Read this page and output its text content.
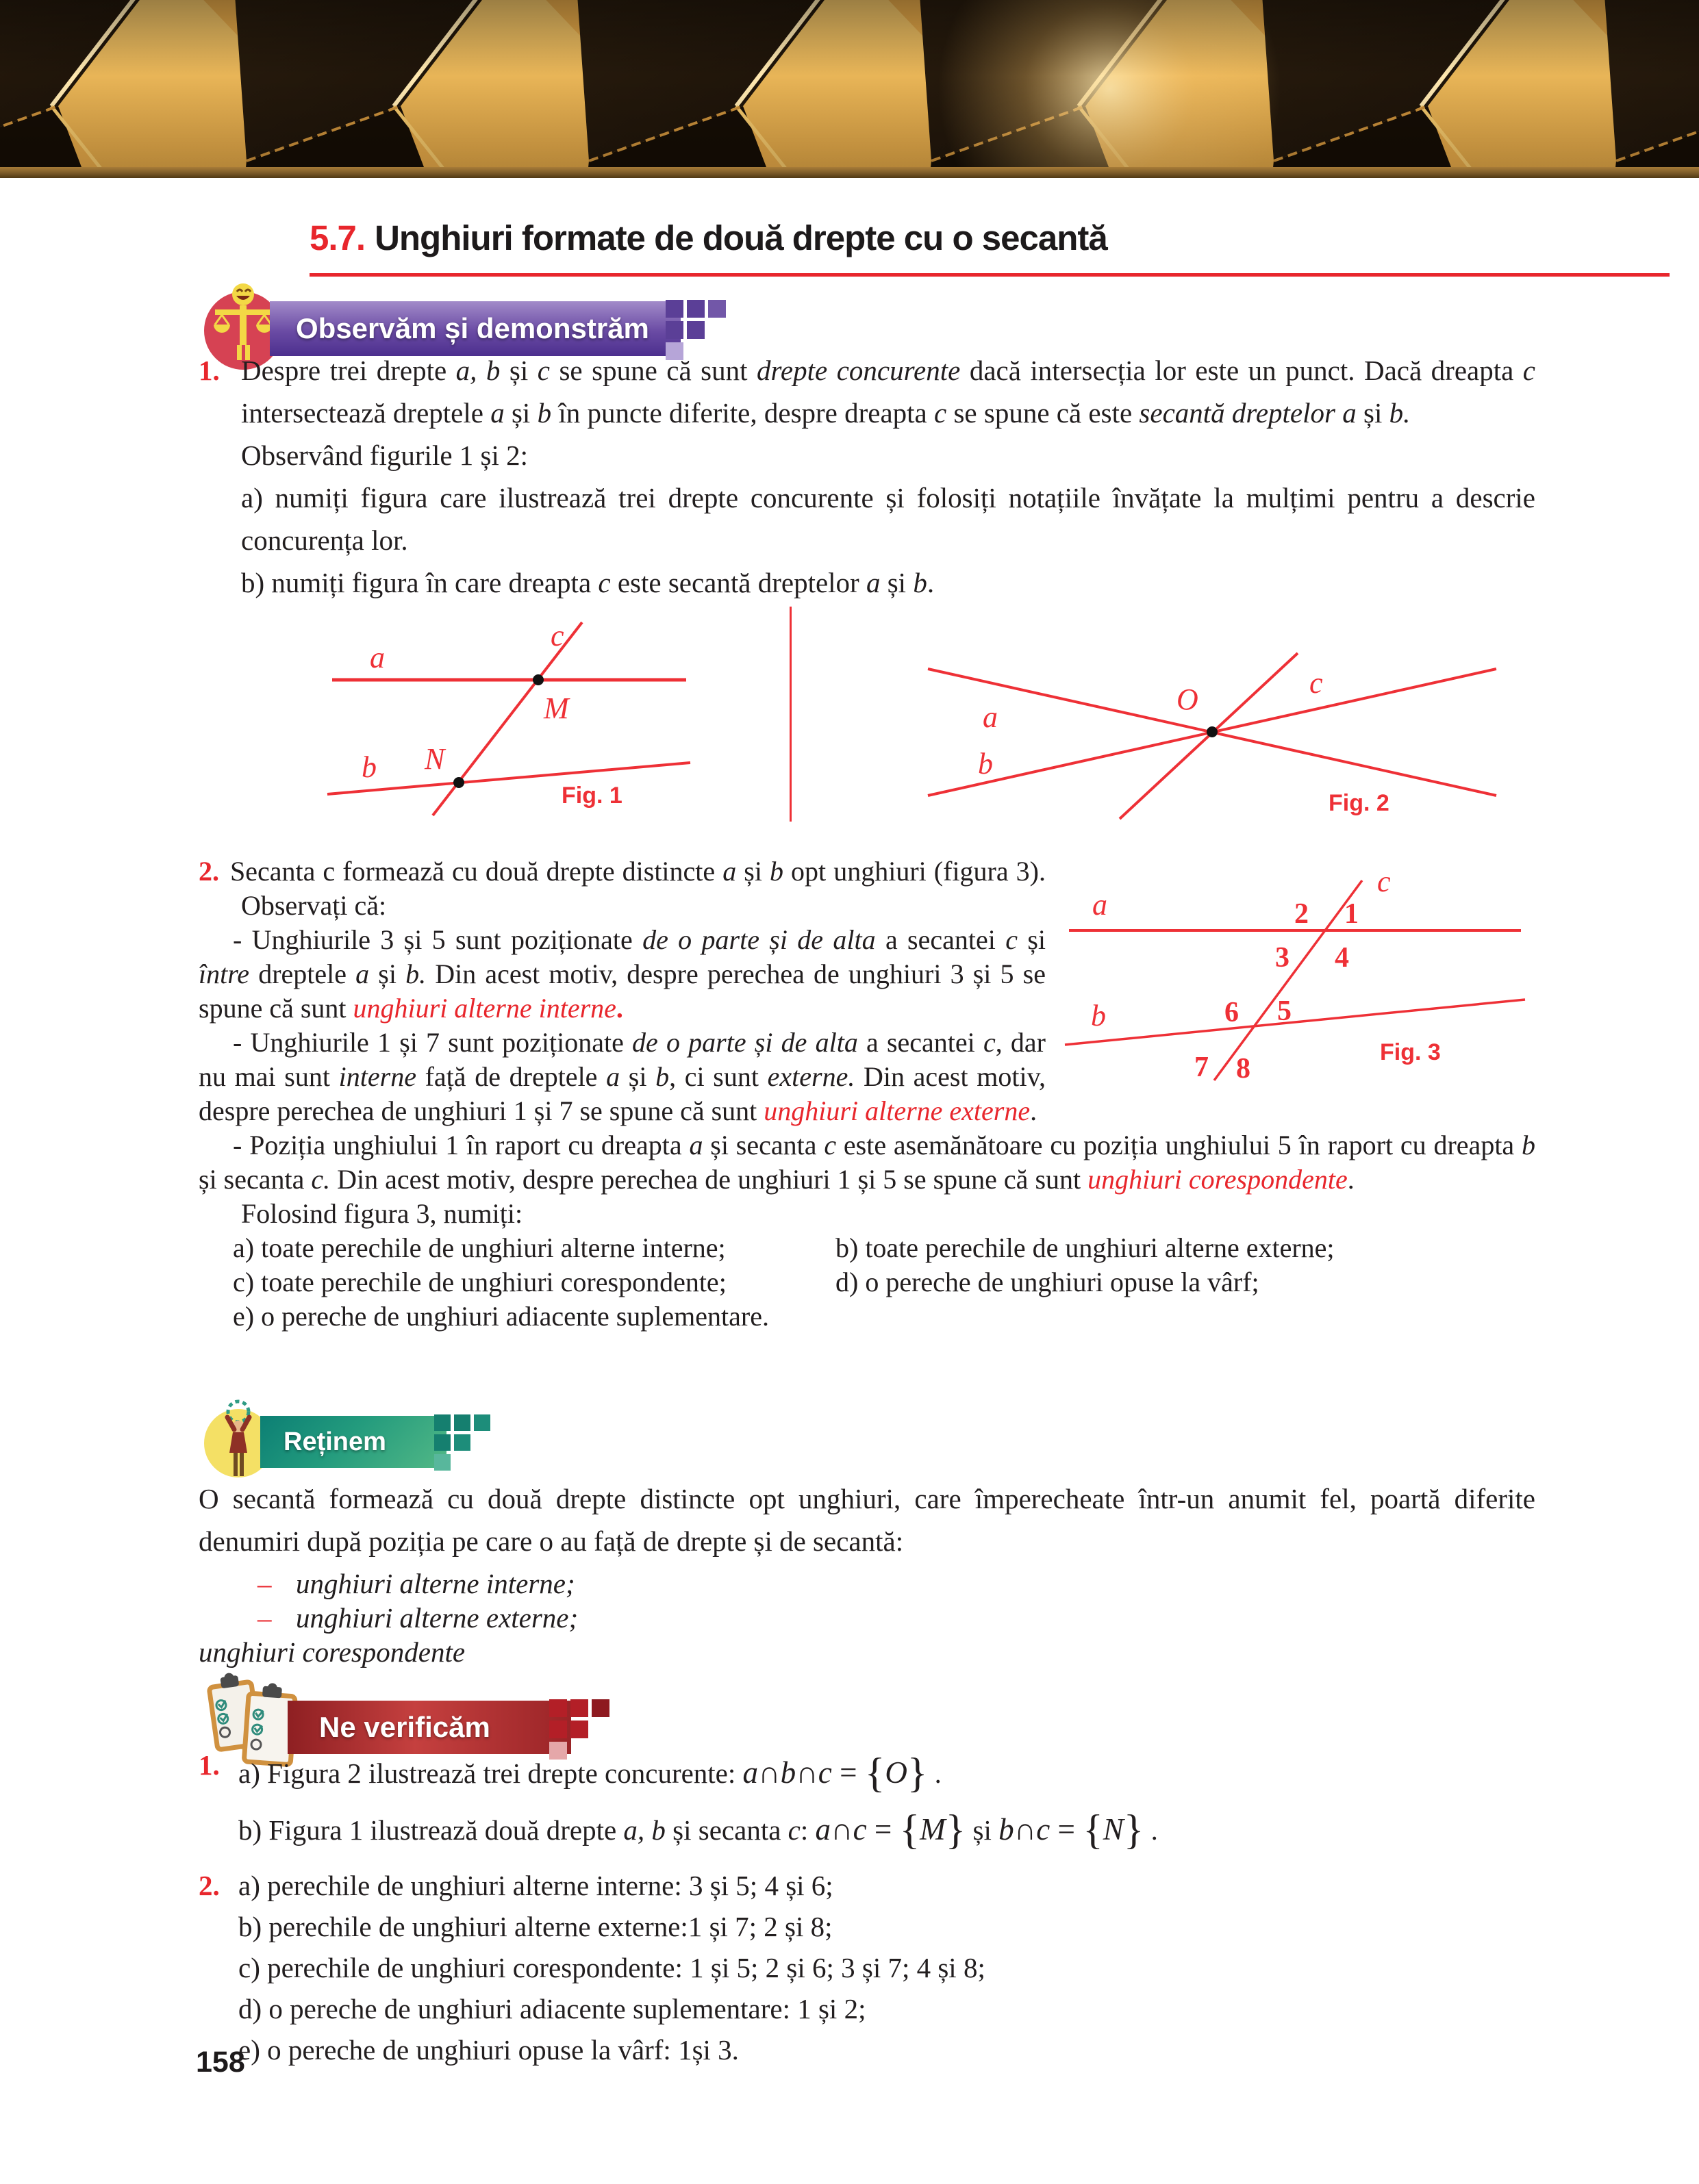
5.7. Unghiuri formate de două drepte cu o secantă
Observăm și demonstrăm
1. Despre trei drepte a, b și c se spune că sunt drepte concurente dacă intersecția lor este un punct. Dacă dreapta c intersectează dreptele a și b în puncte diferite, despre dreapta c se spune că este secantă dreptelor a și b.

Observând figurile 1 și 2:

a) numiți figura care ilustrează trei drepte concurente și folosiți notațiile învățate la mulțimi pentru a descrie concurența lor.

b) numiți figura în care dreapta c este secantă dreptelor a și b.

a
b
c
M
N
Fig. 1
a
b
c
O
Fig. 2
a
b
c
2 1
3 4
6 5
7 8
Fig. 3

2. Secanta c formează cu două drepte distincte a și b opt unghiuri (figura 3). Observați că:

- Unghiurile 3 și 5 sunt poziționate de o parte și de alta a secantei c și între dreptele a și b. Din acest motiv, despre perechea de unghiuri 3 și 5 se spune că sunt unghiuri alterne interne.

- Unghiurile 1 și 7 sunt poziționate de o parte și de alta a secantei c, dar nu mai sunt interne față de dreptele a și b, ci sunt externe. Din acest motiv, despre perechea de unghiuri 1 și 7 se spune că sunt unghiuri alterne externe.

- Poziția unghiului 1 în raport cu dreapta a și secanta c este asemănătoare cu poziția unghiului 5 în raport cu dreapta b și secanta c. Din acest motiv, despre perechea de unghiuri 1 și 5 se spune că sunt unghiuri corespondente.

Folosind figura 3, numiți:

a) toate perechile de unghiuri alterne interne;	b) toate perechile de unghiuri alterne externe;
c) toate perechile de unghiuri corespondente;	d) o pereche de unghiuri opuse la vârf;
e) o pereche de unghiuri adiacente suplementare.
Reținem

O secantă formează cu două drepte distincte opt unghiuri, care împerecheate într-un anumit fel, poartă diferite denumiri după poziția pe care o au față de drepte și de secantă:

– unghiuri alterne interne;
– unghiuri alterne externe;
unghiuri corespondente
Ne verificăm
1. a) Figura 2 ilustrează trei drepte concurente: a∩b∩c = {O} .

b) Figura 1 ilustrează două drepte a, b și secanta c: a∩c = {M} și b∩c = {N} .

2. a) perechile de unghiuri alterne interne: 3 și 5; 4 și 6;

b) perechile de unghiuri alterne externe:1 și 7; 2 și 8;

c) perechile de unghiuri corespondente: 1 și 5; 2 și 6; 3 și 7; 4 și 8;

d) o pereche de unghiuri adiacente suplementare: 1 și 2;

e) o pereche de unghiuri opuse la vârf: 1și 3.

158
